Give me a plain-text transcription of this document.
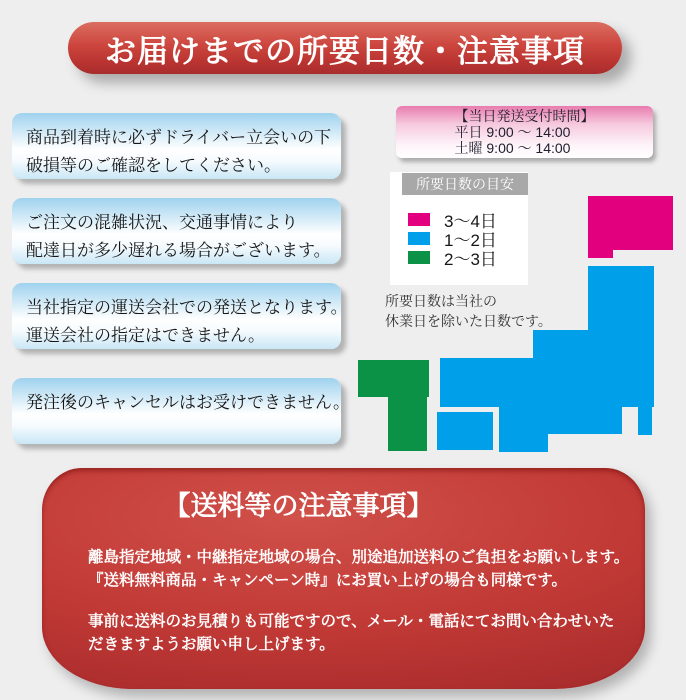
お届けまでの所要日数・注意事項
商品到着時に必ずドライバー立会いの下
破損等のご確認をしてください。
ご注文の混雑状況、交通事情により
配達日が多少遅れる場合がございます。
当社指定の運送会社での発送となります。
運送会社の指定はできません。
発注後のキャンセルはお受けできません。
【当日発送受付時間】
平日 9:00 ～ 14:00
土曜 9:00 ～ 14:00
所要日数の目安
3～4日
1～2日
2～3日
所要日数は当社の
休業日を除いた日数です。
【送料等の注意事項】
離島指定地域・中継指定地域の場合、別途追加送料のご負担をお願いします。
『送料無料商品・キャンペーン時』にお買い上げの場合も同様です。
事前に送料のお見積りも可能ですので、メール・電話にてお問い合わせいた
だきますようお願い申し上げます。
